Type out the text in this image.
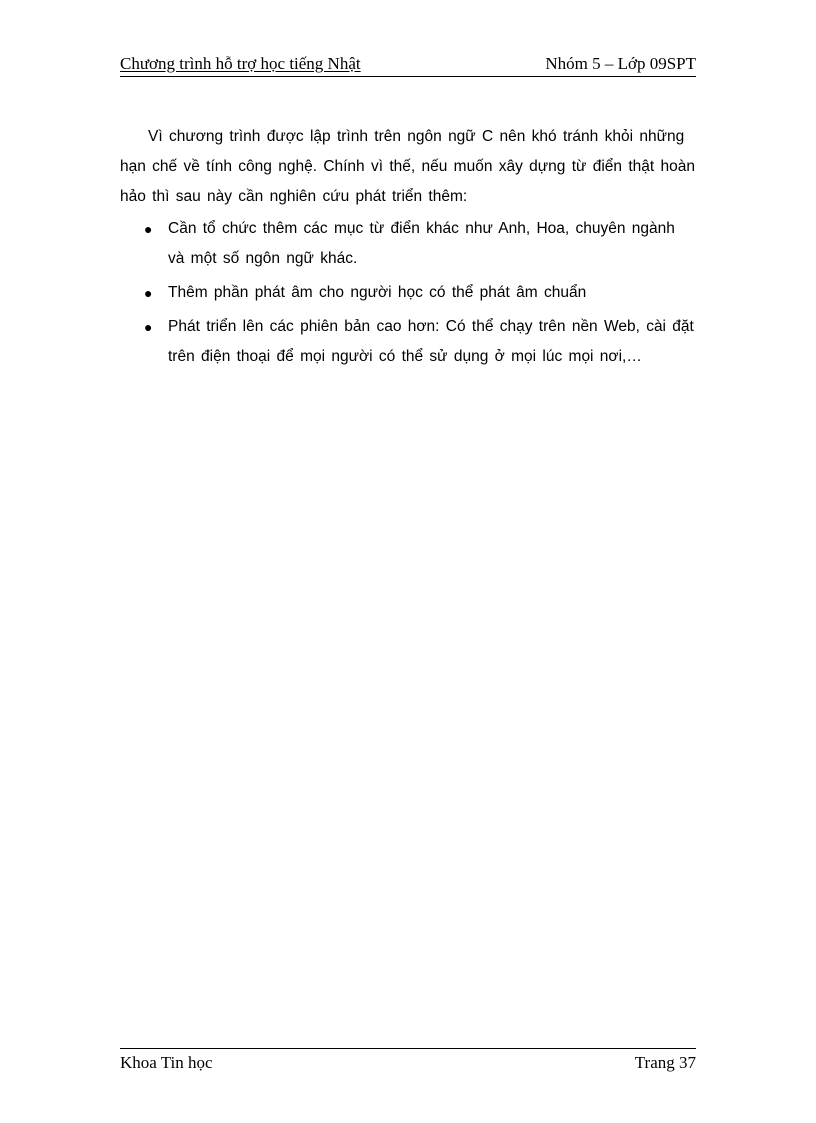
Chương trình hỗ trợ học tiếng Nhật	Nhóm 5 – Lớp 09SPT

Vì chương trình được lập trình trên ngôn ngữ C nên khó tránh khỏi những hạn chế về tính công nghệ. Chính vì thế, nếu muốn xây dựng từ điển thật hoàn hảo thì sau này cần nghiên cứu phát triển thêm:

● Cần tổ chức thêm các mục từ điển khác như Anh, Hoa, chuyên ngành và một số ngôn ngữ khác.
● Thêm phần phát âm cho người học có thể phát âm chuẩn
● Phát triển lên các phiên bản cao hơn: Có thể chạy trên nền Web, cài đặt trên điện thoại để mọi người có thể sử dụng ở mọi lúc mọi nơi,…
Khoa Tin học	Trang 37
